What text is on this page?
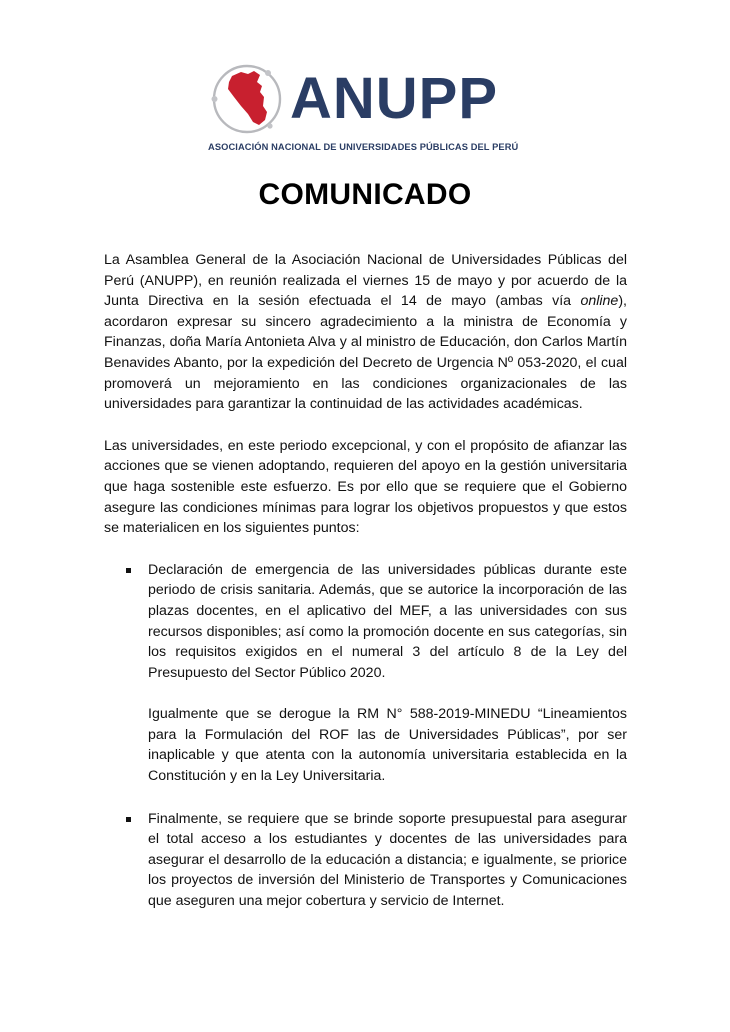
ANUPP
ASOCIACIÓN NACIONAL DE UNIVERSIDADES PÚBLICAS DEL PERÚ
COMUNICADO

La Asamblea General de la Asociación Nacional de Universidades Públicas del Perú (ANUPP), en reunión realizada el viernes 15 de mayo y por acuerdo de la Junta Directiva en la sesión efectuada el 14 de mayo (ambas vía online), acordaron expresar su sincero agradecimiento a la ministra de Economía y Finanzas, doña María Antonieta Alva y al ministro de Educación, don Carlos Martín Benavides Abanto, por la expedición del Decreto de Urgencia Nº 053-2020, el cual promoverá un mejoramiento en las condiciones organizacionales de las universidades para garantizar la continuidad de las actividades académicas.

Las universidades, en este periodo excepcional, y con el propósito de afianzar las acciones que se vienen adoptando, requieren del apoyo en la gestión universitaria que haga sostenible este esfuerzo. Es por ello que se requiere que el Gobierno asegure las condiciones mínimas para lograr los objetivos propuestos y que estos se materialicen en los siguientes puntos:

Declaración de emergencia de las universidades públicas durante este periodo de crisis sanitaria. Además, que se autorice la incorporación de las plazas docentes, en el aplicativo del MEF, a las universidades con sus recursos disponibles; así como la promoción docente en sus categorías, sin los requisitos exigidos en el numeral 3 del artículo 8 de la Ley del Presupuesto del Sector Público 2020.

Igualmente que se derogue la RM N° 588-2019-MINEDU “Lineamientos para la Formulación del ROF las de Universidades Públicas”, por ser inaplicable y que atenta con la autonomía universitaria establecida en la Constitución y en la Ley Universitaria.

Finalmente, se requiere que se brinde soporte presupuestal para asegurar el total acceso a los estudiantes y docentes de las universidades para asegurar el desarrollo de la educación a distancia; e igualmente, se priorice los proyectos de inversión del Ministerio de Transportes y Comunicaciones que aseguren una mejor cobertura y servicio de Internet.
